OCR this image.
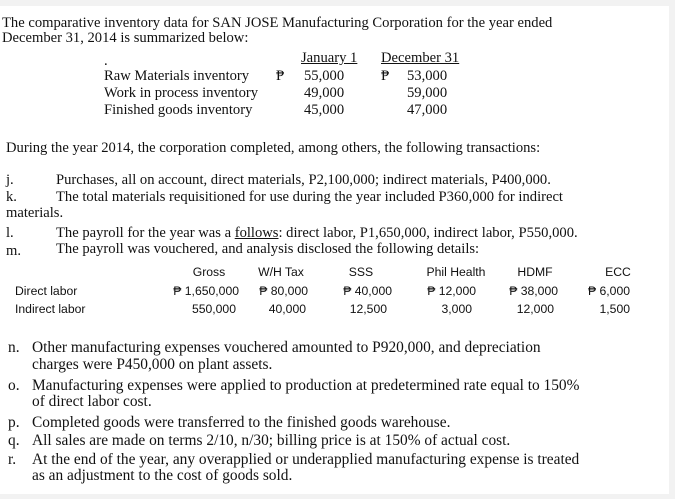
The comparative inventory data for SAN JOSE Manufacturing Corporation for the year ended
December 31, 2014 is summarized below:
.	January 1 December 31
Raw Materials inventory ₱ 55,000	₱ 53,000
Work in process inventory	49,000	59,000
Finished goods inventory	45,000	47,000
During the year 2014, the corporation completed, among others, the following transactions:
j.	Purchases, all on account, direct materials, P2,100,000; indirect materials, P400,000.
k.	The total materials requisitioned for use during the year included P360,000 for indirect
materials.
l.	The payroll for the year was a follows: direct labor, P1,650,000, indirect labor, P550,000.
m. The payroll was vouchered, and analysis disclosed the following details:
Gross	W/H Tax	SSS	Phil Health	HDMF	ECC
Direct labor	₱ 1,650,000	₱ 80,000	₱ 40,000	₱ 12,000	₱ 38,000	₱ 6,000
Indirect labor	550,000	40,000	12,500	3,000	12,000	1,500
n. Other manufacturing expenses vouchered amounted to P920,000, and depreciation
charges were P450,000 on plant assets.
o. Manufacturing expenses were applied to production at predetermined rate equal to 150%
of direct labor cost.
p. Completed goods were transferred to the finished goods warehouse.
q. All sales are made on terms 2/10, n/30; billing price is at 150% of actual cost.
r. At the end of the year, any overapplied or underapplied manufacturing expense is treated
as an adjustment to the cost of goods sold.
